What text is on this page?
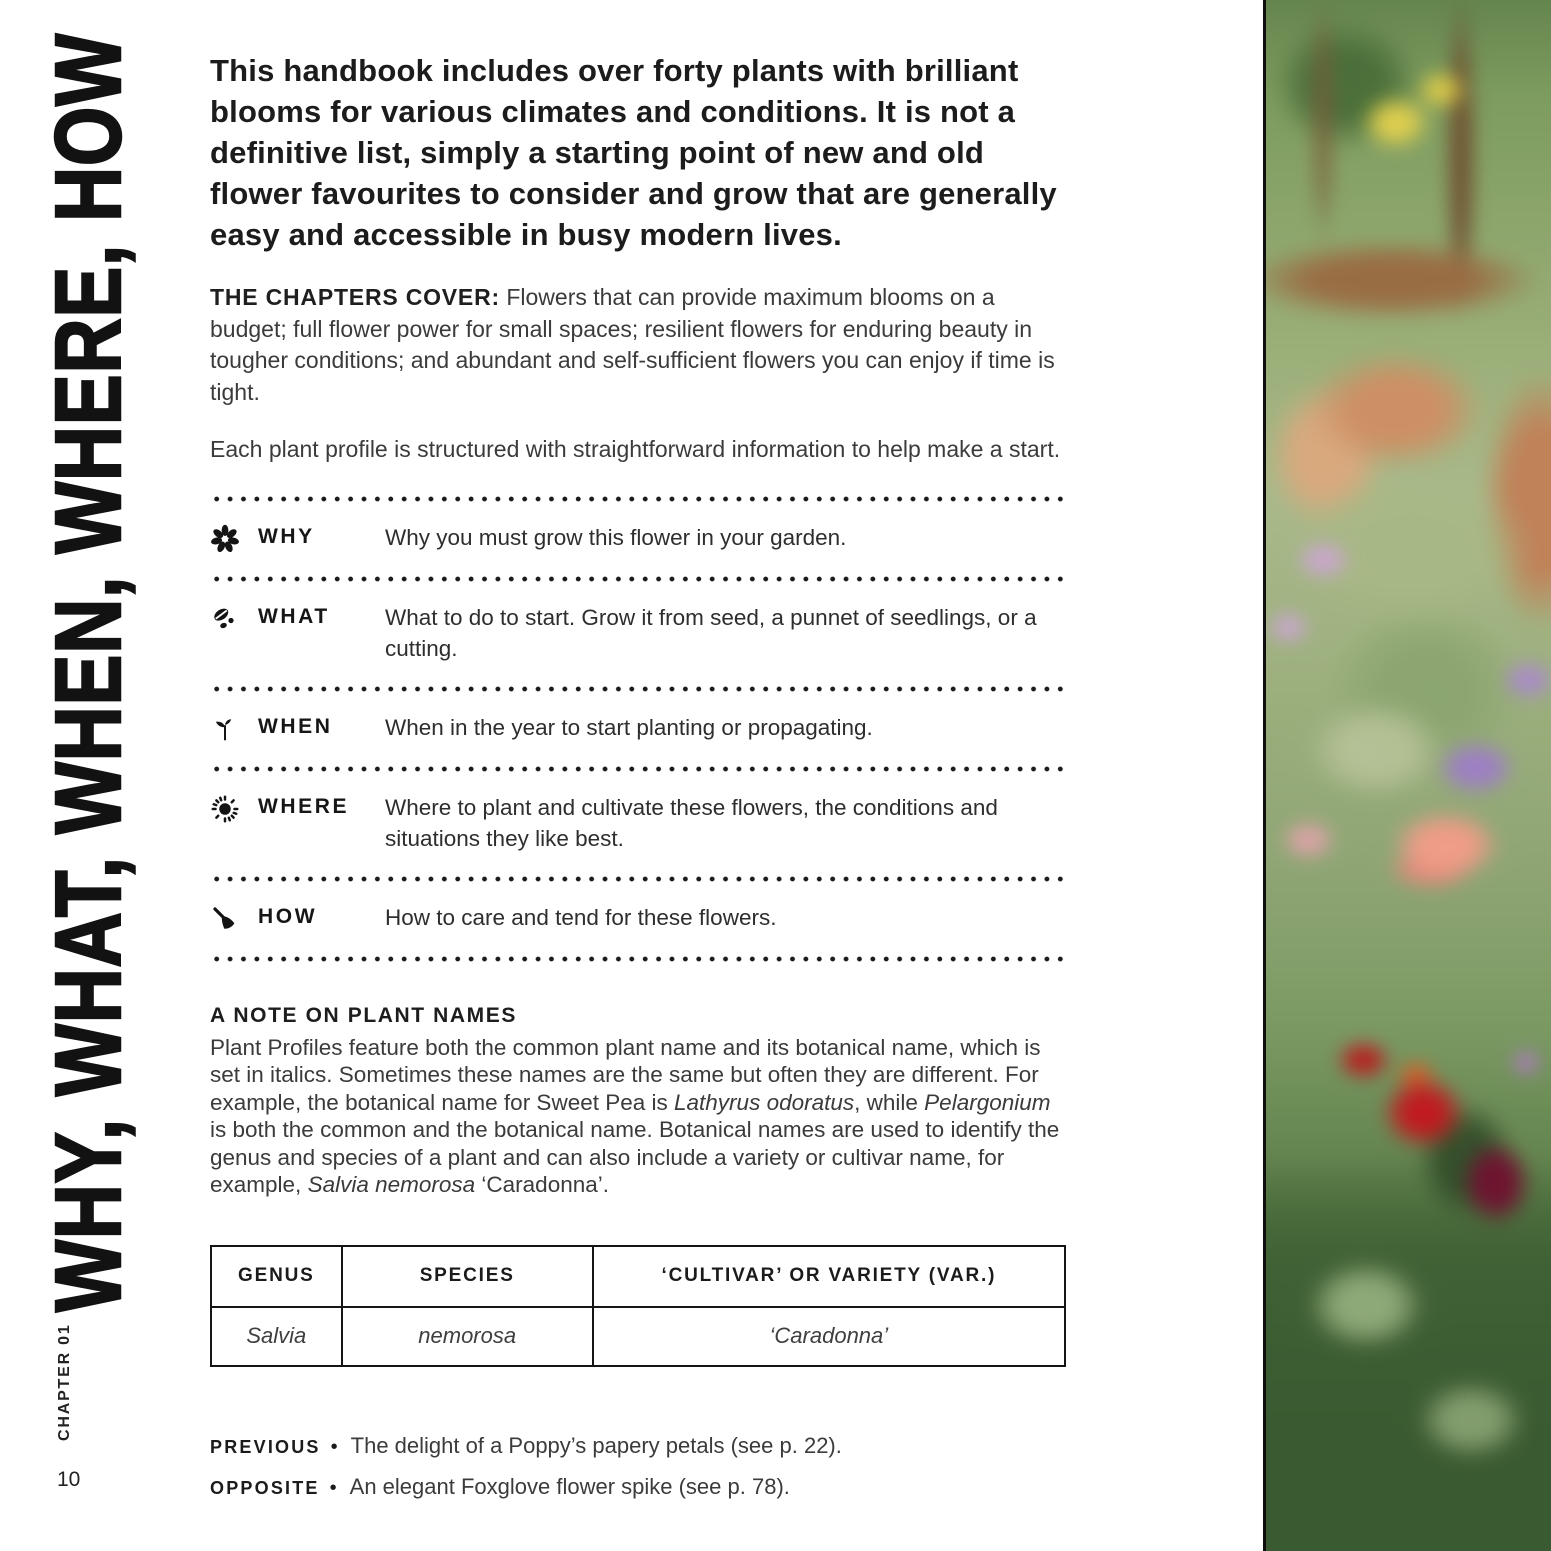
WHY, WHAT, WHEN, WHERE, HOW
CHAPTER 01
10

This handbook includes over forty plants with brilliant blooms for various climates and conditions. It is not a definitive list, simply a starting point of new and old flower favourites to consider and grow that are generally easy and accessible in busy modern lives.

THE CHAPTERS COVER: Flowers that can provide maximum blooms on a budget; full flower power for small spaces; resilient flowers for enduring beauty in tougher conditions; and abundant and self-sufficient flowers you can enjoy if time is tight.

Each plant profile is structured with straightforward information to help make a start.

WHY	Why you must grow this flower in your garden.
WHAT	What to do to start. Grow it from seed, a punnet of seedlings, or a cutting.
WHEN	When in the year to start planting or propagating.
WHERE	Where to plant and cultivate these flowers, the conditions and situations they like best.
HOW	How to care and tend for these flowers.
A NOTE ON PLANT NAMES

Plant Profiles feature both the common plant name and its botanical name, which is set in italics. Sometimes these names are the same but often they are different. For example, the botanical name for Sweet Pea is Lathyrus odoratus, while Pelargonium is both the common and the botanical name. Botanical names are used to identify the genus and species of a plant and can also include a variety or cultivar name, for example, Salvia nemorosa ‘Caradonna’.

GENUS	SPECIES	‘CULTIVAR’ OR VARIETY (VAR.)
Salvia	nemorosa	‘Caradonna’
PREVIOUS • The delight of a Poppy’s papery petals (see p. 22).
OPPOSITE • An elegant Foxglove flower spike (see p. 78).
